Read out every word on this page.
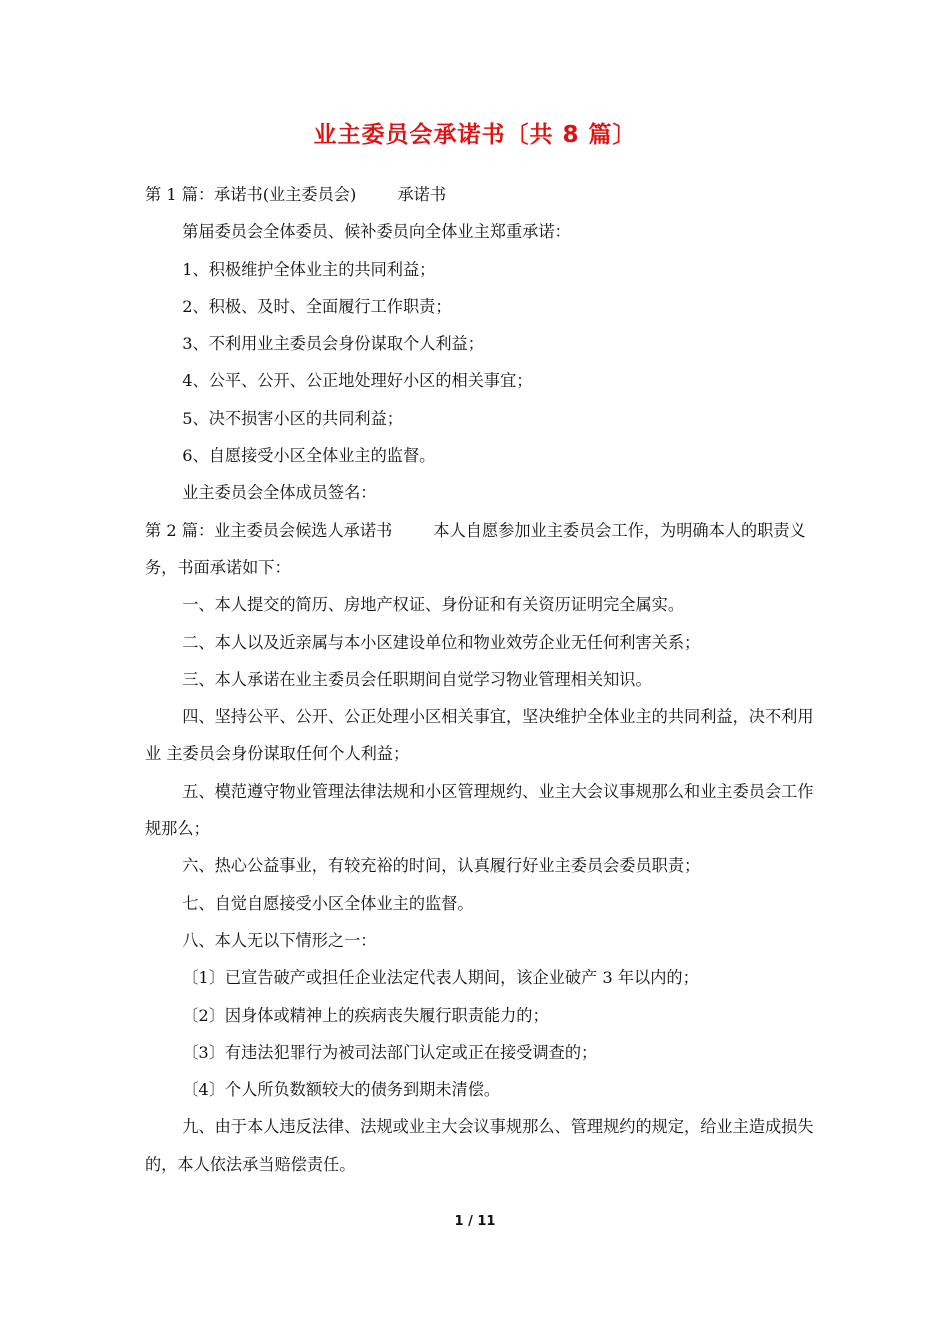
业主委员会承诺书〔共 8 篇〕

第 1 篇：承诺书(业主委员会)        承诺书

第届委员会全体委员、候补委员向全体业主郑重承诺：

1、积极维护全体业主的共同利益；

2、积极、及时、全面履行工作职责；

3、不利用业主委员会身份谋取个人利益；

4、公平、公开、公正地处理好小区的相关事宜；

5、决不损害小区的共同利益；

6、自愿接受小区全体业主的监督。

业主委员会全体成员签名：

第 2 篇：业主委员会候选人承诺书        本人自愿参加业主委员会工作，为明确本人的职责义务，书面承诺如下：

一、本人提交的简历、房地产权证、身份证和有关资历证明完全属实。

二、本人以及近亲属与本小区建设单位和物业效劳企业无任何利害关系；

三、本人承诺在业主委员会任职期间自觉学习物业管理相关知识。

四、坚持公平、公开、公正处理小区相关事宜，坚决维护全体业主的共同利益，决不利用业 主委员会身份谋取任何个人利益；

五、模范遵守物业管理法律法规和小区管理规约、业主大会议事规那么和业主委员会工作规那么；

六、热心公益事业，有较充裕的时间，认真履行好业主委员会委员职责；

七、自觉自愿接受小区全体业主的监督。

八、本人无以下情形之一：

〔1〕已宣告破产或担任企业法定代表人期间，该企业破产 3 年以内的；

〔2〕因身体或精神上的疾病丧失履行职责能力的；

〔3〕有违法犯罪行为被司法部门认定或正在接受调查的；

〔4〕个人所负数额较大的债务到期未清偿。

九、由于本人违反法律、法规或业主大会议事规那么、管理规约的规定，给业主造成损失的，本人依法承当赔偿责任。

1 / 11
